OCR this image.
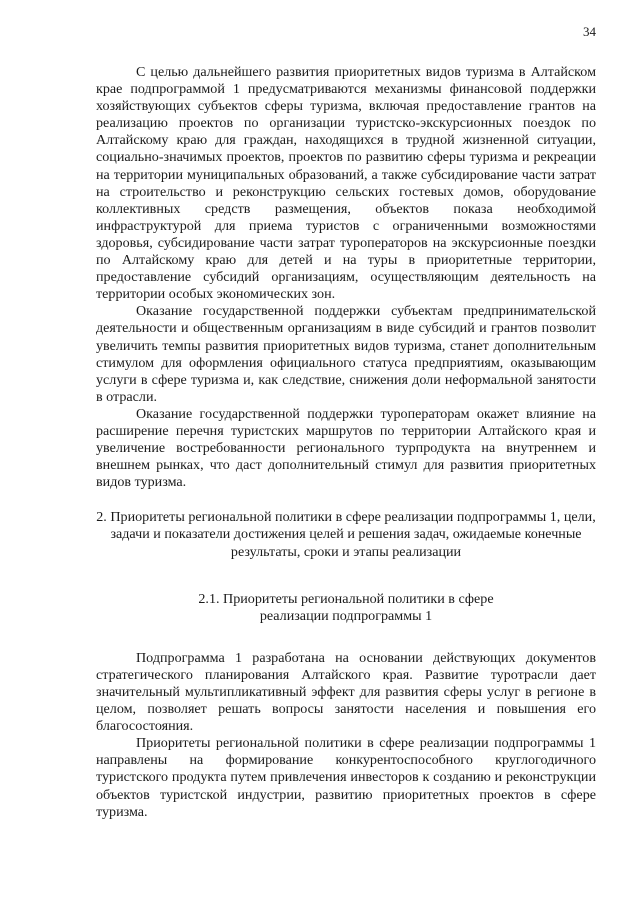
34

С целью дальнейшего развития приоритетных видов туризма в Алтайском крае подпрограммой 1 предусматриваются механизмы финансовой поддержки хозяйствующих субъектов сферы туризма, включая предоставление грантов на реализацию проектов по организации туристско-экскурсионных поездок по Алтайскому краю для граждан, находящихся в трудной жизненной ситуации, социально-значимых проектов, проектов по развитию сферы туризма и рекреации на территории муниципальных образований, а также субсидирование части затрат на строительство и реконструкцию сельских гостевых домов, оборудование коллективных средств размещения, объектов показа необходимой инфраструктурой для приема туристов с ограниченными возможностями здоровья, субсидирование части затрат туроператоров на экскурсионные поездки по Алтайскому краю для детей и на туры в приоритетные территории, предоставление субсидий организациям, осуществляющим деятельность на территории особых экономических зон.

Оказание государственной поддержки субъектам предпринимательской деятельности и общественным организациям в виде субсидий и грантов позволит увеличить темпы развития приоритетных видов туризма, станет дополнительным стимулом для оформления официального статуса предприятиям, оказывающим услуги в сфере туризма и, как следствие, снижения доли неформальной занятости в отрасли.

Оказание государственной поддержки туроператорам окажет влияние на расширение перечня туристских маршрутов по территории Алтайского края и увеличение востребованности регионального турпродукта на внутреннем и внешнем рынках, что даст дополнительный стимул для развития приоритетных видов туризма.

2. Приоритеты региональной политики в сфере реализации подпрограммы 1, цели, задачи и показатели достижения целей и решения задач, ожидаемые конечные результаты, сроки и этапы реализации

2.1. Приоритеты региональной политики в сфере реализации подпрограммы 1

Подпрограмма 1 разработана на основании действующих документов стратегического планирования Алтайского края. Развитие туротрасли дает значительный мультипликативный эффект для развития сферы услуг в регионе в целом, позволяет решать вопросы занятости населения и повышения его благосостояния.

Приоритеты региональной политики в сфере реализации подпрограммы 1 направлены на формирование конкурентоспособного круглогодичного туристского продукта путем привлечения инвесторов к созданию и реконструкции объектов туристской индустрии, развитию приоритетных проектов в сфере туризма.
